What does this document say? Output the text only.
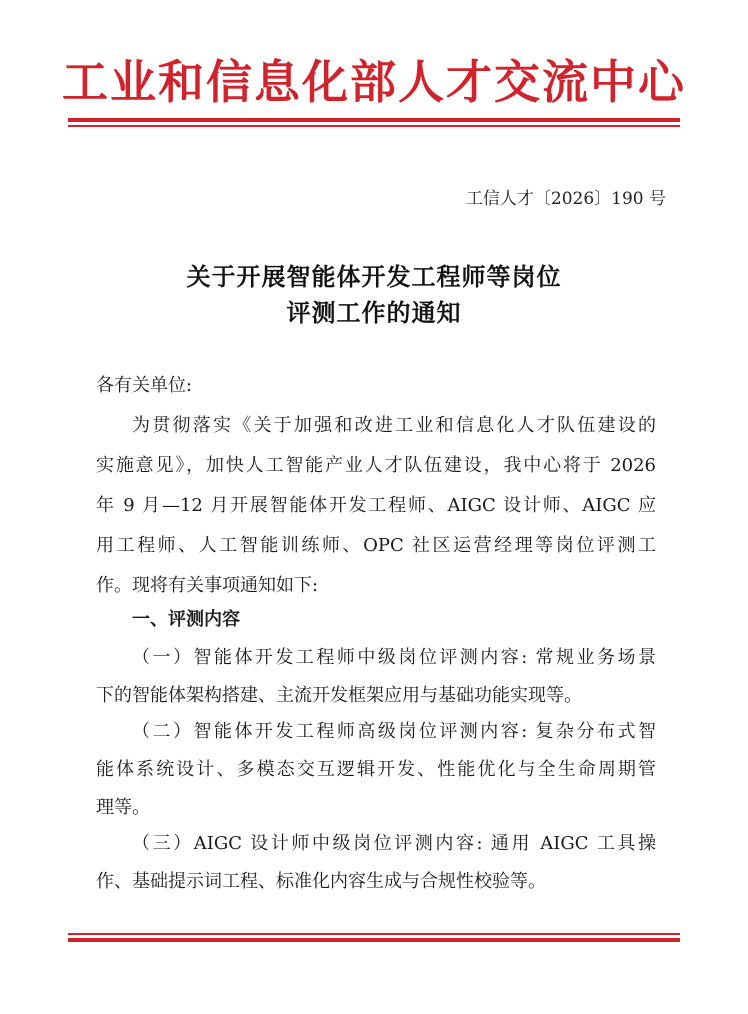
工业和信息化部人才交流中心
工信人才〔2026〕190 号
关于开展智能体开发工程师等岗位
评测工作的通知
各有关单位:
为贯彻落实《关于加强和改进工业和信息化人才队伍建设的
实施意见》，加快人工智能产业人才队伍建设，我中心将于 2026
年 9 月—12 月开展智能体开发工程师、AIGC 设计师、AIGC 应
用工程师、人工智能训练师、OPC 社区运营经理等岗位评测工
作。现将有关事项通知如下:
一、评测内容
（一）智能体开发工程师中级岗位评测内容: 常规业务场景
下的智能体架构搭建、主流开发框架应用与基础功能实现等。
（二）智能体开发工程师高级岗位评测内容: 复杂分布式智
能体系统设计、多模态交互逻辑开发、性能优化与全生命周期管
理等。
（三）AIGC 设计师中级岗位评测内容: 通用 AIGC 工具操
作、基础提示词工程、标准化内容生成与合规性校验等。
